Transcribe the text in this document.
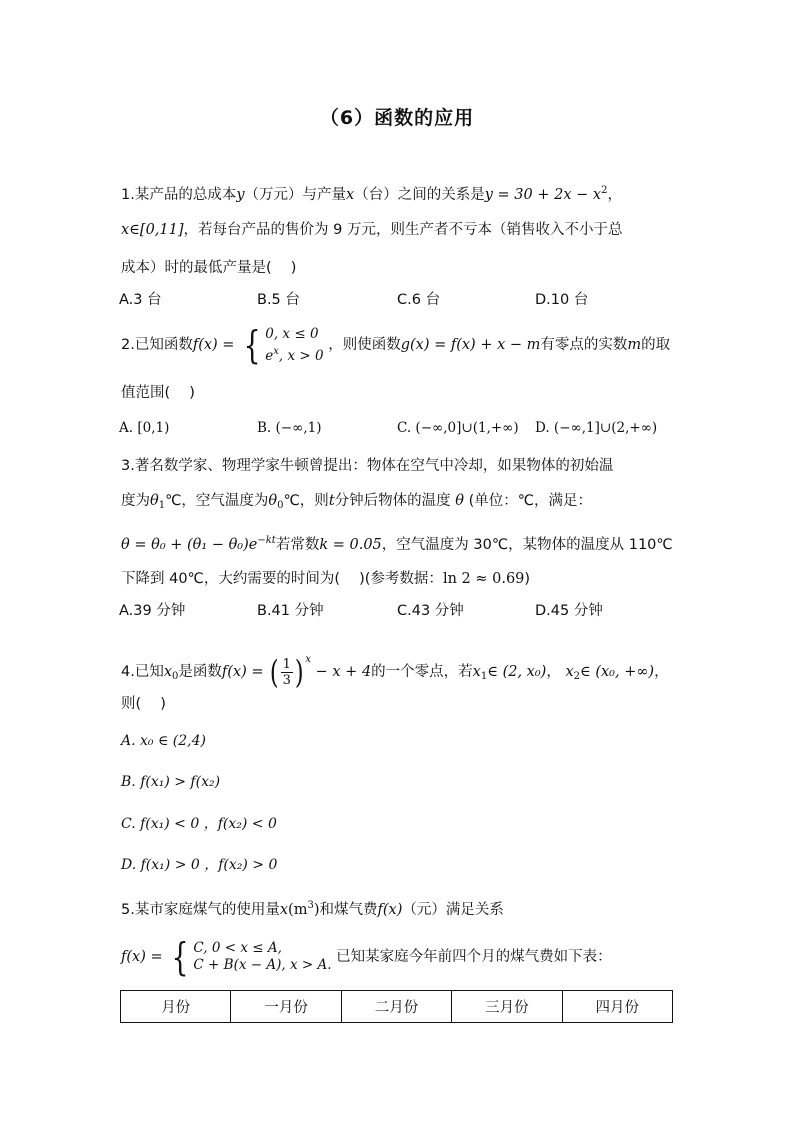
（6）函数的应用
1.某产品的总成本y（万元）与产量x（台）之间的关系是$y = 30 + 2x - x^2$，
x∈[0,11]，若每台产品的售价为 9 万元，则生产者不亏本（销售收入不小于总
成本）时的最低产量是(　 )
A.3 台	B.5 台	C.6 台	D.10 台
2.已知函数f(x) = { 0, x ≤ 0
$e^x$, x > 0
，则使函数g(x) = f(x) + x − m有零点的实数m的取
值范围(　 )
A. [0,1)	B. (−∞,1)	C. (−∞,0]∪(1,+∞) D. (−∞,1]∪(2,+∞)
3.著名数学家、物理学家牛顿曾提出：物体在空气中冷却，如果物体的初始温
度为$\theta_1℃$，空气温度为$\theta_0℃$，则t分钟后物体的温度 θ (单位：℃，满足：
$\theta = \theta_0 + (\theta_1 - \theta_0)e^{-kt}$若常数k = 0.05，空气温度为 30℃，某物体的温度从 110℃
下降到 40℃，大约需要的时间为(　 )(参考数据：ln 2 ≈ 0.69)
A.39 分钟	B.41 分钟	C.43 分钟	D.45 分钟
4.已知$x_0$是函数f(x) = ( $\frac{1}{3}$ ) $^x$ − x + 4的一个零点，若$x_1\in$ (2, x₀)， $x_2\in$ (x₀, +∞)，
则(　 )
A. x₀ ∈ (2,4)
B. f(x₁) > f(x₂)
C. f(x₁) < 0 ，f(x₂) < 0
D. f(x₁) > 0 ，f(x₂) > 0
5.某市家庭煤气的使用量$x(m^3)$和煤气费f(x)（元）满足关系
f(x) = { C, 0 < x ≤ A,
C + B(x − A), x > A. 已知某家庭今年前四个月的煤气费如下表：
月份	一月份	二月份	三月份	四月份
